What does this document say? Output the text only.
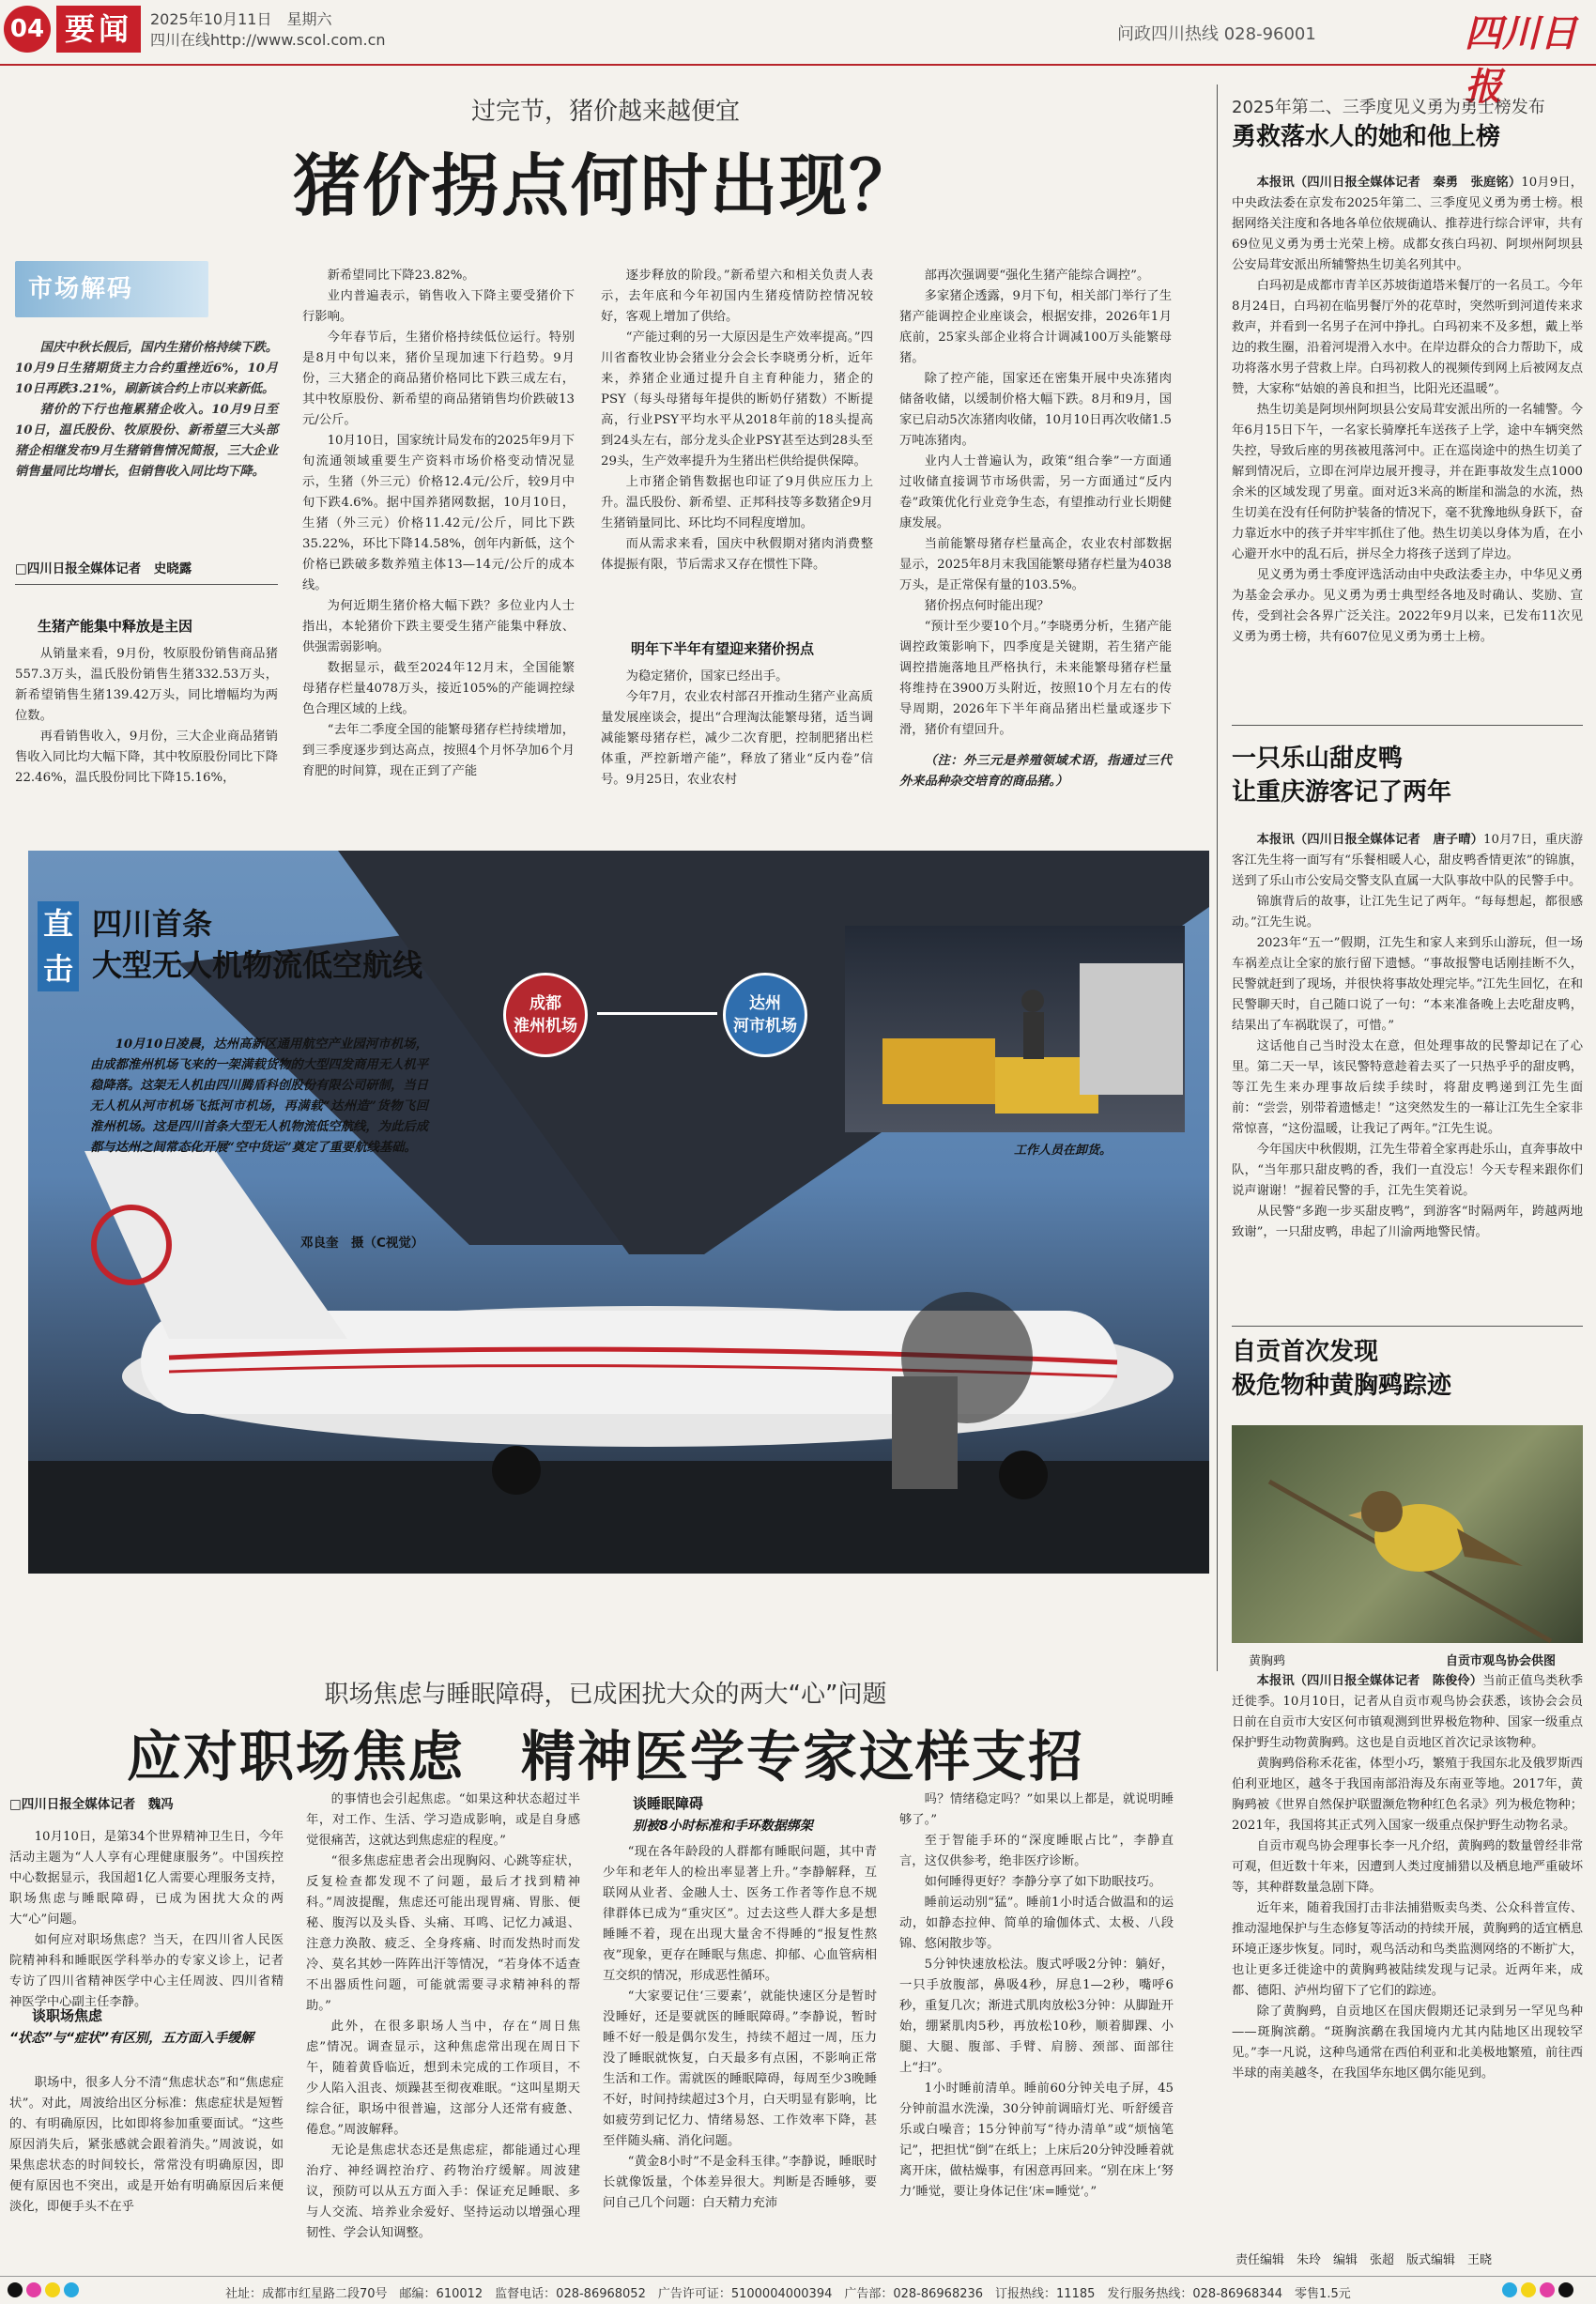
04 要闻	2025年10月11日　星期六
四川在线http://www.scol.com.cn	问政四川热线 028-96001	四川日报
过完节，猪价越来越便宜
猪价拐点何时出现？
市场解码

国庆中秋长假后，国内生猪价格持续下跌。10月9日生猪期货主力合约重挫近6%，10月10日再跌3.21%，刷新该合约上市以来新低。

猪价的下行也拖累猪企收入。10月9日至10日，温氏股份、牧原股份、新希望三大头部猪企相继发布9月生猪销售情况简报，三大企业销售量同比均增长，但销售收入同比均下降。

□四川日报全媒体记者　史晓露
生猪产能集中释放是主因

从销量来看，9月份，牧原股份销售商品猪557.3万头，温氏股份销售生猪332.53万头，新希望销售生猪139.42万头，同比增幅均为两位数。

再看销售收入，9月份，三大企业商品猪销售收入同比均大幅下降，其中牧原股份同比下降22.46%，温氏股份同比下降15.16%，

新希望同比下降23.82%。

业内普遍表示，销售收入下降主要受猪价下行影响。

今年春节后，生猪价格持续低位运行。特别是8月中旬以来，猪价呈现加速下行趋势。9月份，三大猪企的商品猪价格同比下跌三成左右，其中牧原股份、新希望的商品猪销售均价跌破13元/公斤。

10月10日，国家统计局发布的2025年9月下旬流通领域重要生产资料市场价格变动情况显示，生猪（外三元）价格12.4元/公斤，较9月中旬下跌4.6%。据中国养猪网数据，10月10日，生猪（外三元）价格11.42元/公斤，同比下跌35.22%，环比下降14.58%，创年内新低，这个价格已跌破多数养殖主体13—14元/公斤的成本线。

为何近期生猪价格大幅下跌？多位业内人士指出，本轮猪价下跌主要受生猪产能集中释放、供强需弱影响。

数据显示，截至2024年12月末，全国能繁母猪存栏量4078万头，接近105%的产能调控绿色合理区域的上线。

“去年二季度全国的能繁母猪存栏持续增加，到三季度逐步到达高点，按照4个月怀孕加6个月育肥的时间算，现在正到了产能

逐步释放的阶段。”新希望六和相关负责人表示，去年底和今年初国内生猪疫情防控情况较好，客观上增加了供给。

“产能过剩的另一大原因是生产效率提高。”四川省畜牧业协会猪业分会会长李晓勇分析，近年来，养猪企业通过提升自主育种能力，猪企的PSY（每头母猪每年提供的断奶仔猪数）不断提高，行业PSY平均水平从2018年前的18头提高到24头左右，部分龙头企业PSY甚至达到28头至29头，生产效率提升为生猪出栏供给提供保障。

上市猪企销售数据也印证了9月供应压力上升。温氏股份、新希望、正邦科技等多数猪企9月生猪销量同比、环比均不同程度增加。

而从需求来看，国庆中秋假期对猪肉消费整体提振有限，节后需求又存在惯性下降。

明年下半年有望迎来猪价拐点

为稳定猪价，国家已经出手。

今年7月，农业农村部召开推动生猪产业高质量发展座谈会，提出“合理淘汰能繁母猪，适当调减能繁母猪存栏，减少二次育肥，控制肥猪出栏体重，严控新增产能”，释放了猪业“反内卷”信号。9月25日，农业农村

部再次强调要“强化生猪产能综合调控”。

多家猪企透露，9月下旬，相关部门举行了生猪产能调控企业座谈会，根据安排，2026年1月底前，25家头部企业将合计调减100万头能繁母猪。

除了控产能，国家还在密集开展中央冻猪肉储备收储，以缓制价格大幅下跌。8月和9月，国家已启动5次冻猪肉收储，10月10日再次收储1.5万吨冻猪肉。

业内人士普遍认为，政策“组合拳”一方面通过收储直接调节市场供需，另一方面通过“反内卷”政策优化行业竞争生态，有望推动行业长期健康发展。

当前能繁母猪存栏量高企，农业农村部数据显示，2025年8月末我国能繁母猪存栏量为4038万头，是正常保有量的103.5%。

猪价拐点何时能出现？

“预计至少要10个月。”李晓勇分析，生猪产能调控政策影响下，四季度是关键期，若生猪产能调控措施落地且严格执行，未来能繁母猪存栏量将维持在3900万头附近，按照10个月左右的传导周期，2026年下半年商品猪出栏量或逐步下滑，猪价有望回升。

（注：外三元是养殖领域术语，指通过三代外来品种杂交培育的商品猪。）

直
击
四川首条
大型无人机物流低空航线
成都
淮州机场
达州
河市机场

10月10日凌晨，达州高新区通用航空产业园河市机场，由成都淮州机场飞来的一架满载货物的大型四发商用无人机平稳降落。这架无人机由四川腾盾科创股份有限公司研制，当日无人机从河市机场飞抵河市机场，再满载“达州造”货物飞回淮州机场。这是四川首条大型无人机物流低空航线，为此后成都与达州之间常态化开展“空中货运”奠定了重要航线基础。

邓良奎　摄（C视觉）
工作人员在卸货。
2025年第二、三季度见义勇为勇士榜发布
勇救落水人的她和他上榜

本报讯（四川日报全媒体记者　秦勇　张庭铭）10月9日，中央政法委在京发布2025年第二、三季度见义勇为勇士榜。根据网络关注度和各地各单位依规确认、推荐进行综合评审，共有69位见义勇为勇士光荣上榜。成都女孩白玛初、阿坝州阿坝县公安局茸安派出所辅警热生切美名列其中。

白玛初是成都市青羊区苏坡街道塔米餐厅的一名员工。今年8月24日，白玛初在临男餐厅外的花草时，突然听到河道传来求救声，并看到一名男子在河中挣扎。白玛初来不及多想，戴上举边的救生圈，沿着河堤滑入水中。在岸边群众的合力帮助下，成功将落水男子营救上岸。白玛初救人的视频传到网上后被网友点赞，大家称“姑娘的善良和担当，比阳光还温暖”。

热生切美是阿坝州阿坝县公安局茸安派出所的一名辅警。今年6月15日下午，一名家长骑摩托车送孩子上学，途中车辆突然失控，导致后座的男孩被甩落河中。正在巡岗途中的热生切美了解到情况后，立即在河岸边展开搜寻，并在距事故发生点1000余米的区域发现了男童。面对近3米高的断崖和湍急的水流，热生切美在没有任何防护装备的情况下，毫不犹豫地纵身跃下，奋力靠近水中的孩子并牢牢抓住了他。热生切美以身体为盾，在小心避开水中的乱石后，拼尽全力将孩子送到了岸边。

见义勇为勇士季度评选活动由中央政法委主办，中华见义勇为基金会承办。见义勇为勇士典型经各地及时确认、奖励、宣传，受到社会各界广泛关注。2022年9月以来，已发布11次见义勇为勇士榜，共有607位见义勇为勇士上榜。

一只乐山甜皮鸭
让重庆游客记了两年

本报讯（四川日报全媒体记者　唐子晴）10月7日，重庆游客江先生将一面写有“乐餐相暖人心，甜皮鸭香情更浓”的锦旗，送到了乐山市公安局交警支队直属一大队事故中队的民警手中。

锦旗背后的故事，让江先生记了两年。“每每想起，都很感动。”江先生说。

2023年“五一”假期，江先生和家人来到乐山游玩，但一场车祸差点让全家的旅行留下遗憾。“事故报警电话刚挂断不久，民警就赶到了现场，并很快将事故处理完毕。”江先生回忆，在和民警聊天时，自己随口说了一句：“本来准备晚上去吃甜皮鸭，结果出了车祸耽误了，可惜。”

这话他自己当时没太在意，但处理事故的民警却记在了心里。第二天一早，该民警特意趁着去买了一只热乎乎的甜皮鸭，等江先生来办理事故后续手续时，将甜皮鸭递到江先生面前：“尝尝，别带着遗憾走！”这突然发生的一幕让江先生全家非常惊喜，“这份温暖，让我记了两年。”江先生说。

今年国庆中秋假期，江先生带着全家再赴乐山，直奔事故中队，“当年那只甜皮鸭的香，我们一直没忘！今天专程来跟你们说声谢谢！”握着民警的手，江先生笑着说。

从民警“多跑一步买甜皮鸭”，到游客“时隔两年，跨越两地致谢”，一只甜皮鸭，串起了川渝两地警民情。

自贡首次发现
极危物种黄胸鹀踪迹
黄胸鹀	自贡市观鸟协会供图

本报讯（四川日报全媒体记者　陈俊伶）当前正值鸟类秋季迁徙季。10月10日，记者从自贡市观鸟协会获悉，该协会会员日前在自贡市大安区何市镇观测到世界极危物种、国家一级重点保护野生动物黄胸鹀。这也是自贡地区首次记录该物种。

黄胸鹀俗称禾花雀，体型小巧，繁殖于我国东北及俄罗斯西伯利亚地区，越冬于我国南部沿海及东南亚等地。2017年，黄胸鹀被《世界自然保护联盟濒危物种红色名录》列为极危物种；2021年，我国将其正式列入国家一级重点保护野生动物名录。

自贡市观鸟协会理事长李一凡介绍，黄胸鹀的数量曾经非常可观，但近数十年来，因遭到人类过度捕猎以及栖息地严重破坏等，其种群数量急剧下降。

近年来，随着我国打击非法捕猎贩卖鸟类、公众科普宣传、推动湿地保护与生态修复等活动的持续开展，黄胸鹀的适宜栖息环境正逐步恢复。同时，观鸟活动和鸟类监测网络的不断扩大，也让更多迁徙途中的黄胸鹀被陆续发现与记录。近两年来，成都、德阳、泸州均留下了它们的踪迹。

除了黄胸鹀，自贡地区在国庆假期还记录到另一罕见鸟种——斑胸滨鹬。“斑胸滨鹬在我国境内尤其内陆地区出现较罕见。”李一凡说，这种鸟通常在西伯利亚和北美极地繁殖，前往西半球的南美越冬，在我国华东地区偶尔能见到。

职场焦虑与睡眠障碍，已成困扰大众的两大“心”问题
应对职场焦虑　精神医学专家这样支招
□四川日报全媒体记者　魏冯

10月10日，是第34个世界精神卫生日，今年活动主题为“人人享有心理健康服务”。中国疾控中心数据显示，我国超1亿人需要心理服务支持，职场焦虑与睡眠障碍，已成为困扰大众的两大“心”问题。

如何应对职场焦虑？当天，在四川省人民医院精神科和睡眠医学科举办的专家义诊上，记者专访了四川省精神医学中心主任周波、四川省精神医学中心副主任李静。

谈职场焦虑
“状态”与“症状”有区别，五方面入手缓解

职场中，很多人分不清“焦虑状态”和“焦虑症状”。对此，周波给出区分标准：焦虑症状是短暂的、有明确原因，比如即将参加重要面试。“这些原因消失后，紧张感就会跟着消失。”周波说，如果焦虑状态的时间较长，常常没有明确原因，即便有原因也不突出，或是开始有明确原因后来便淡化，即便手头不在乎

的事情也会引起焦虑。“如果这种状态超过半年，对工作、生活、学习造成影响，或是自身感觉很痛苦，这就达到焦虑症的程度。”

“很多焦虑症患者会出现胸闷、心跳等症状，反复检查都发现不了问题，最后才找到精神科。”周波提醒，焦虑还可能出现胃痛、胃胀、便秘、腹泻以及头昏、头痛、耳鸣、记忆力减退、注意力涣散、疲乏、全身疼痛、时而发热时而发冷、莫名其妙一阵阵出汗等情况，“若身体不适查不出器质性问题，可能就需要寻求精神科的帮助。”

此外，在很多职场人当中，存在“周日焦虑”情况。调查显示，这种焦虑常出现在周日下午，随着黄昏临近，想到未完成的工作项目，不少人陷入沮丧、烦躁甚至彻夜难眠。“这叫星期天综合征，职场中很普遍，这部分人还常有疲惫、倦怠。”周波解释。

无论是焦虑状态还是焦虑症，都能通过心理治疗、神经调控治疗、药物治疗缓解。周波建议，预防可以从五方面入手：保证充足睡眠、多与人交流、培养业余爱好、坚持运动以增强心理韧性、学会认知调整。

谈睡眠障碍
别被8小时标准和手环数据绑架

“现在各年龄段的人群都有睡眠问题，其中青少年和老年人的检出率显著上升。”李静解释，互联网从业者、金融人士、医务工作者等作息不规律群体已成为“重灾区”。过去这些人群大多是想睡睡不着，现在出现大量舍不得睡的“报复性熬夜”现象，更存在睡眠与焦虑、抑郁、心血管病相互交织的情况，形成恶性循环。

“大家要记住‘三要素’，就能快速区分是暂时没睡好，还是要就医的睡眠障碍。”李静说，暂时睡不好一般是偶尔发生，持续不超过一周，压力没了睡眠就恢复，白天最多有点困，不影响正常生活和工作。需就医的睡眠障碍，每周至少3晚睡不好，时间持续超过3个月，白天明显有影响，比如疲劳到记忆力、情绪易怒、工作效率下降，甚至伴随头痛、消化问题。

“黄金8小时”不是金科玉律。”李静说，睡眠时长就像饭量，个体差异很大。判断是否睡够，要问自己几个问题：白天精力充沛

吗？情绪稳定吗？”如果以上都是，就说明睡够了。”

至于智能手环的“深度睡眠占比”，李静直言，这仅供参考，绝非医疗诊断。

如何睡得更好？李静分享了如下助眠技巧。

睡前运动别“猛”。睡前1小时适合做温和的运动，如静态拉伸、简单的瑜伽体式、太极、八段锦、悠闲散步等。

5分钟快速放松法。腹式呼吸2分钟：躺好，一只手放腹部，鼻吸4秒，屏息1—2秒，嘴呼6秒，重复几次；渐进式肌肉放松3分钟：从脚趾开始，绷紧肌肉5秒，再放松10秒，顺着脚踝、小腿、大腿、腹部、手臂、肩膀、颈部、面部往上“扫”。

1小时睡前清单。睡前60分钟关电子屏，45分钟前温水洗澡，30分钟前调暗灯光、听舒缓音乐或白噪音；15分钟前写“待办清单”或“烦恼笔记”，把担忧“倒”在纸上；上床后20分钟没睡着就离开床，做枯燥事，有困意再回来。“别在床上‘努力’睡觉，要让身体记住‘床=睡觉’。”

责任编辑　朱玲　编辑　张超　版式编辑　王晓
社址：成都市红星路二段70号　邮编：610012　监督电话：028-86968052　广告许可证：5100004000394　广告部：028-86968236　订报热线：11185　发行服务热线：028-86968344　零售1.5元
